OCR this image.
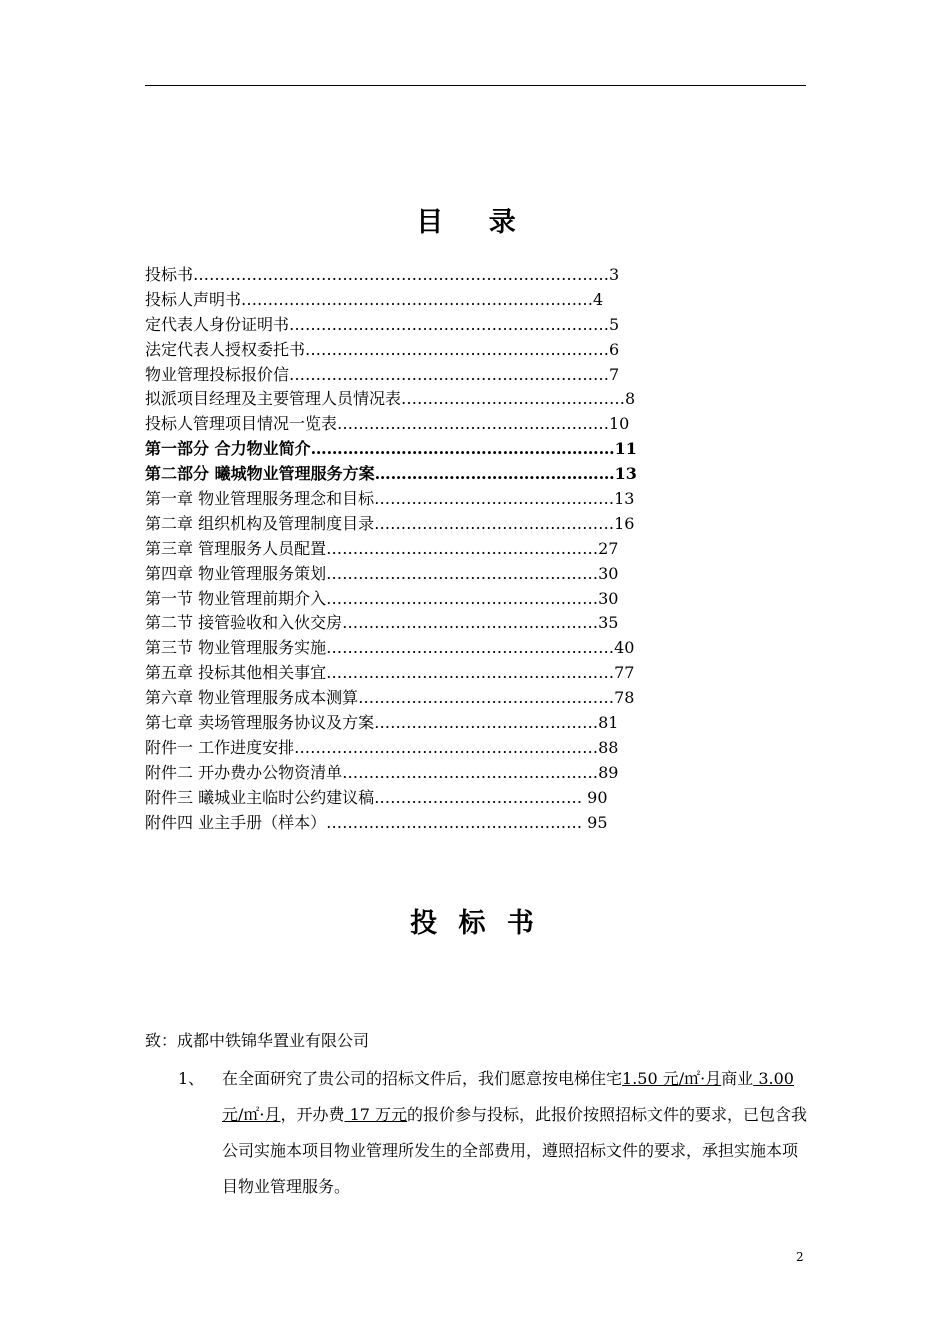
目 录
投标书……………………………………………………………………3
投标人声明书…………………………………………………………4
定代表人身份证明书……………………………………………………5
法定代表人授权委托书…………………………………………………6
物业管理投标报价信……………………………………………………7
拟派项目经理及主要管理人员情况表……………………………………8
投标人管理项目情况一览表……………………………………………10
第一部分 合力物业简介…………………………………………………11
第二部分 曦城物业管理服务方案………………………………………13
第一章 物业管理服务理念和目标………………………………………13
第二章 组织机构及管理制度目录………………………………………16
第三章 管理服务人员配置……………………………………………27
第四章 物业管理服务策划……………………………………………30
第一节 物业管理前期介入……………………………………………30
第二节 接管验收和入伙交房…………………………………………35
第三节 物业管理服务实施………………………………………………40
第五章 投标其他相关事宜………………………………………………77
第六章 物业管理服务成本测算…………………………………………78
第七章 卖场管理服务协议及方案……………………………………81
附件一 工作进度安排…………………………………………………88
附件二 开办费办公物资清单…………………………………………89
附件三 曦城业主临时公约建议稿………………………………… 90
附件四 业主手册（样本）………………………………………… 95
投 标 书
致：成都中铁锦华置业有限公司
1、 在全面研究了贵公司的招标文件后，我们愿意按电梯住宅1.50 元/㎡·月商业 3.00 元/㎡·月，开办费 17 万元的报价参与投标，此报价按照招标文件的要求，已包含我公司实施本项目物业管理所发生的全部费用，遵照招标文件的要求，承担实施本项目物业管理服务。
2
